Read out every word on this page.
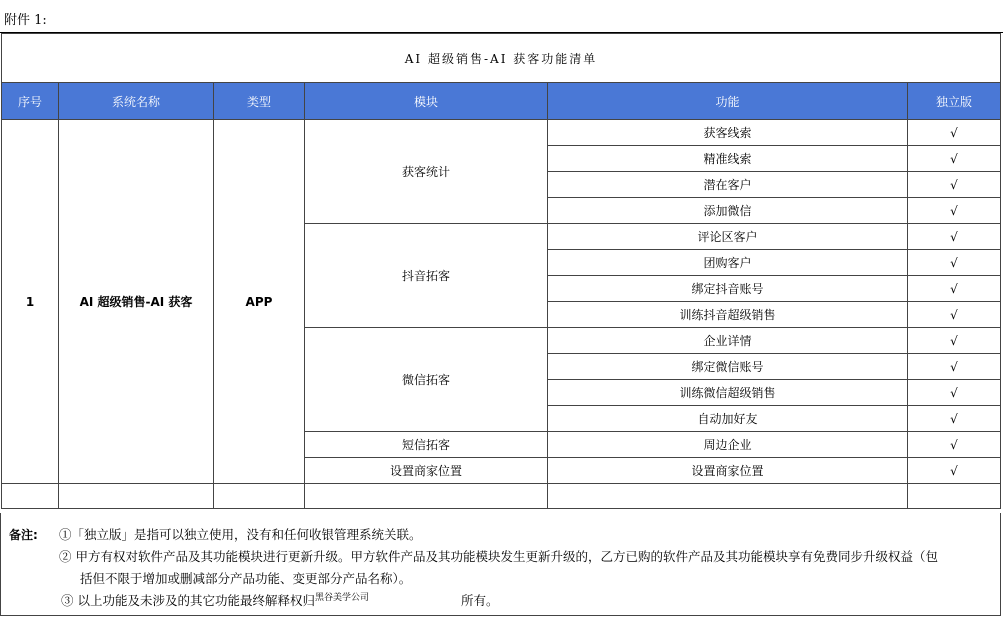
附件 1:
AI 超级销售-AI 获客功能清单					
序号	系统名称	类型	模块	功能	独立版
1	AI 超级销售-AI 获客	APP	获客统计	获客线索	√
				精准线索	√
				潜在客户	√
				添加微信	√
			抖音拓客	评论区客户	√
				团购客户	√
				绑定抖音账号	√
				训练抖音超级销售	√
			微信拓客	企业详情	√
				绑定微信账号	√
				训练微信超级销售	√
				自动加好友	√
			短信拓客	周边企业	√
			设置商家位置	设置商家位置	√

备注: ①「独立版」是指可以独立使用，没有和任何收银管理系统关联。
② 甲方有权对软件产品及其功能模块进行更新升级。甲方软件产品及其功能模块发生更新升级的，乙方已购的软件产品及其功能模块享有免费同步升级权益（包
括但不限于增加或删减部分产品功能、变更部分产品名称）。
③ 以上功能及未涉及的其它功能最终解释权归$^{黑谷美学公司}$	所有。
